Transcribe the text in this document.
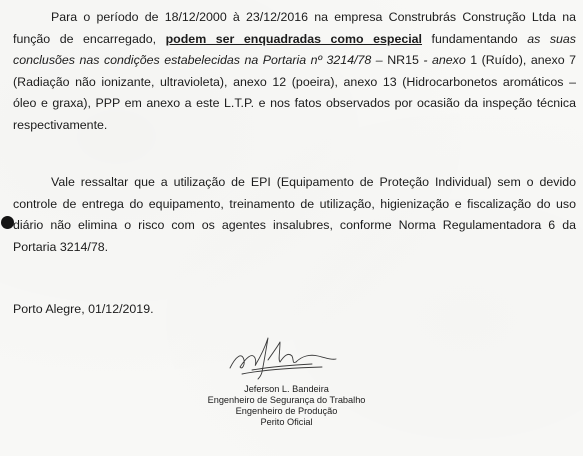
Para o período de 18/12/2000 à 23/12/2016 na empresa Construbrás Construção Ltda na função de encarregado, podem ser enquadradas como especial fundamentando as suas conclusões nas condições estabelecidas na Portaria nº 3214/78 – NR15 - anexo 1 (Ruído), anexo 7 (Radiação não ionizante, ultravioleta), anexo 12 (poeira), anexo 13 (Hidrocarbonetos aromáticos – óleo e graxa), PPP em anexo a este L.T.P. e nos fatos observados por ocasião da inspeção técnica respectivamente.

Vale ressaltar que a utilização de EPI (Equipamento de Proteção Individual) sem o devido controle de entrega do equipamento, treinamento de utilização, higienização e fiscalização do uso diário não elimina o risco com os agentes insalubres, conforme Norma Regulamentadora 6 da Portaria 3214/78.

Porto Alegre, 01/12/2019.

Jeferson L. Bandeira
Engenheiro de Segurança do Trabalho
Engenheiro de Produção
Perito Oficial
